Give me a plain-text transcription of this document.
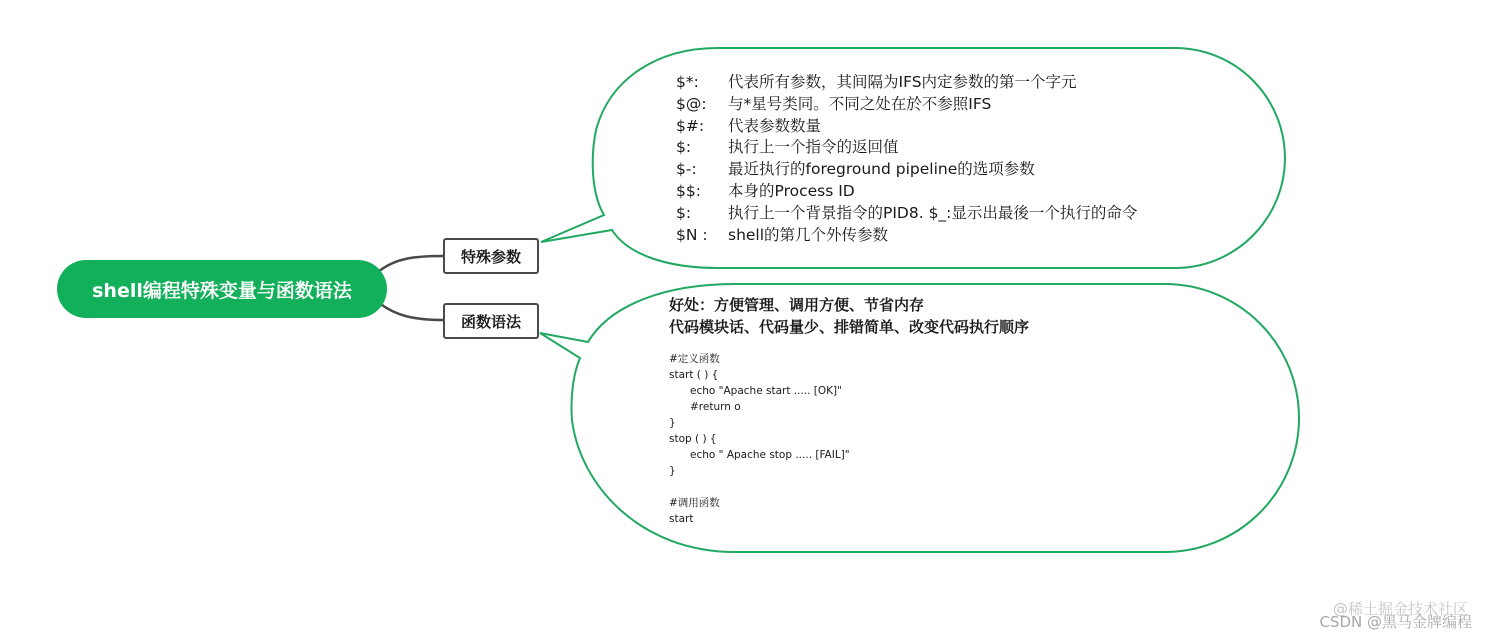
shell编程特殊变量与函数语法
特殊参数
函数语法
$*: 代表所有参数，其间隔为IFS内定参数的第一个字元
$@: 与*星号类同。不同之处在於不参照IFS
$#: 代表参数数量
$: 执行上一个指令的返回值
$-: 最近执行的foreground pipeline的选项参数
$$: 本身的Process ID
$: 执行上一个背景指令的PID8. $_:显示出最後一个执行的命令
$N : shell的第几个外传参数
好处：方便管理、调用方便、节省内存
代码模块话、代码量少、排错简单、改变代码执行顺序
#定义函数
start ( ) {
echo "Apache start ..... [OK]"
#return o
}
stop ( ) {
echo " Apache stop ..... [FAIL]"
}
#调用函数
start
@稀土掘金技术社区
CSDN @黑马金牌编程
